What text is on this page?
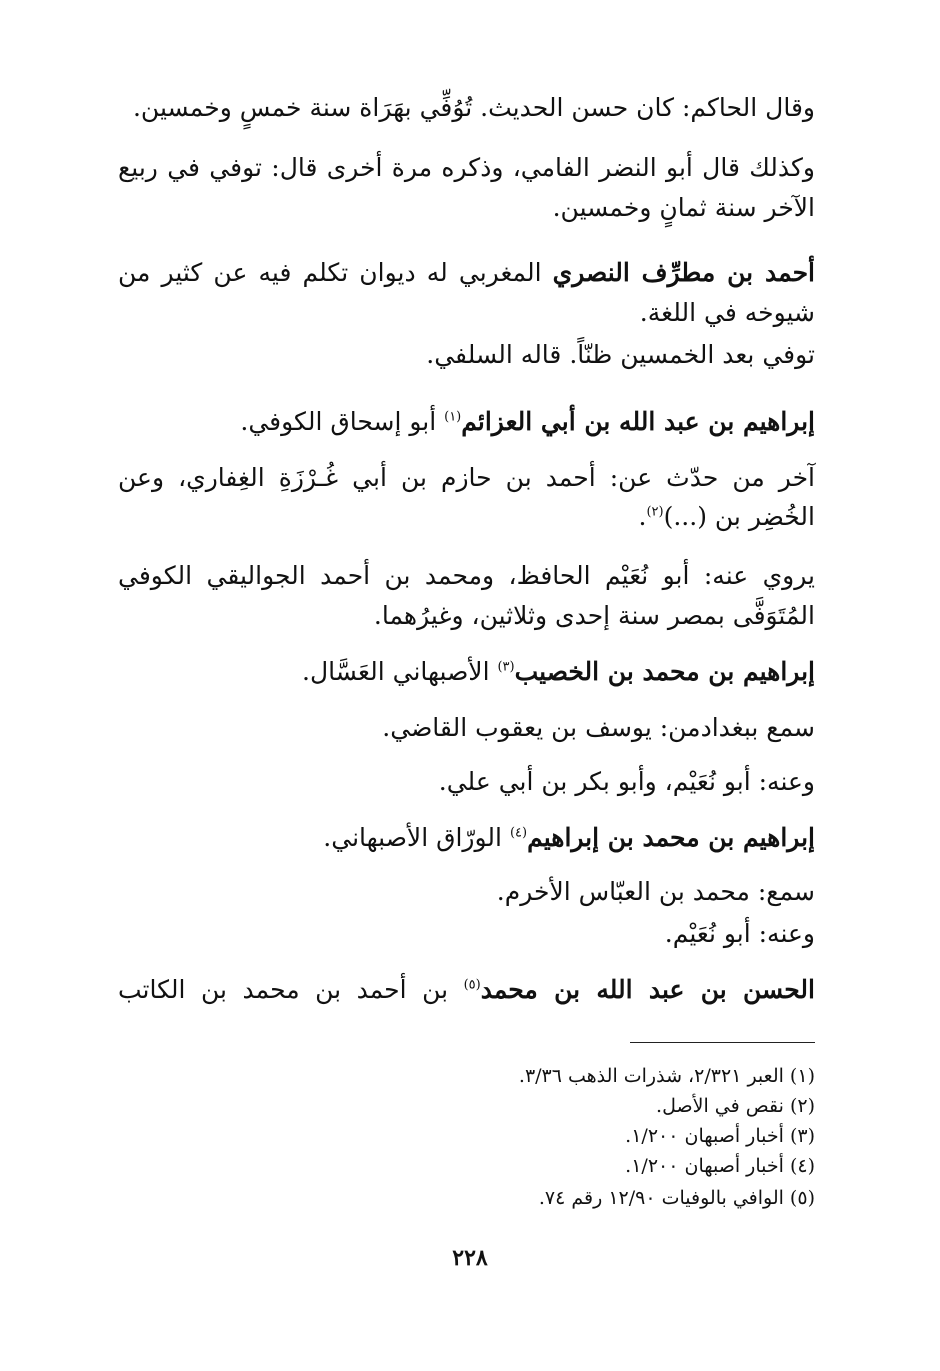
وقال الحاكم: كان حسن الحديث. تُوُفِّي بهَرَاة سنة خمسٍ وخمسين.
وكذلك قال أبو النضر الفامي، وذكره مرة أخرى قال: توفي في ربيع
الآخر سنة ثمانٍ وخمسين.
أحمد بن مطرِّف النصري المغربي له ديوان تكلم فيه عن كثير من
شيوخه في اللغة.
توفي بعد الخمسين ظنّاً. قاله السلفي.
إبراهيم بن عبد الله بن أبي العزائم$^{(١)}$ أبو إسحاق الكوفي.
آخر من حدّث عن: أحمد بن حازم بن أبي غُـرْزَةِ الغِفاري، وعن
الخُضِر بن (...)$^{(٢)}$.
يروي عنه: أبو نُعَيْم الحافظ، ومحمد بن أحمد الجواليقي الكوفي
المُتَوَفَّى بمصر سنة إحدى وثلاثين، وغيرُهما.
إبراهيم بن محمد بن الخصيب$^{(٣)}$ الأصبهاني العَسَّال.
سمع ببغدادمن: يوسف بن يعقوب القاضي.
وعنه: أبو نُعَيْم، وأبو بكر بن أبي علي.
إبراهيم بن محمد بن إبراهيم$^{(٤)}$ الورّاق الأصبهاني.
سمع: محمد بن العبّاس الأخرم.
وعنه: أبو نُعَيْم.
الحسن بن عبد الله بن محمد$^{(٥)}$ بن أحمد بن محمد بن الكاتب
(١) العبر ٢/٣٢١، شذرات الذهب ٣/٣٦.
(٢) نقص في الأصل.
(٣) أخبار أصبهان ١/٢٠٠.
(٤) أخبار أصبهان ١/٢٠٠.
(٥) الوافي بالوفيات ١٢/٩٠ رقم ٧٤.
٢٢٨
